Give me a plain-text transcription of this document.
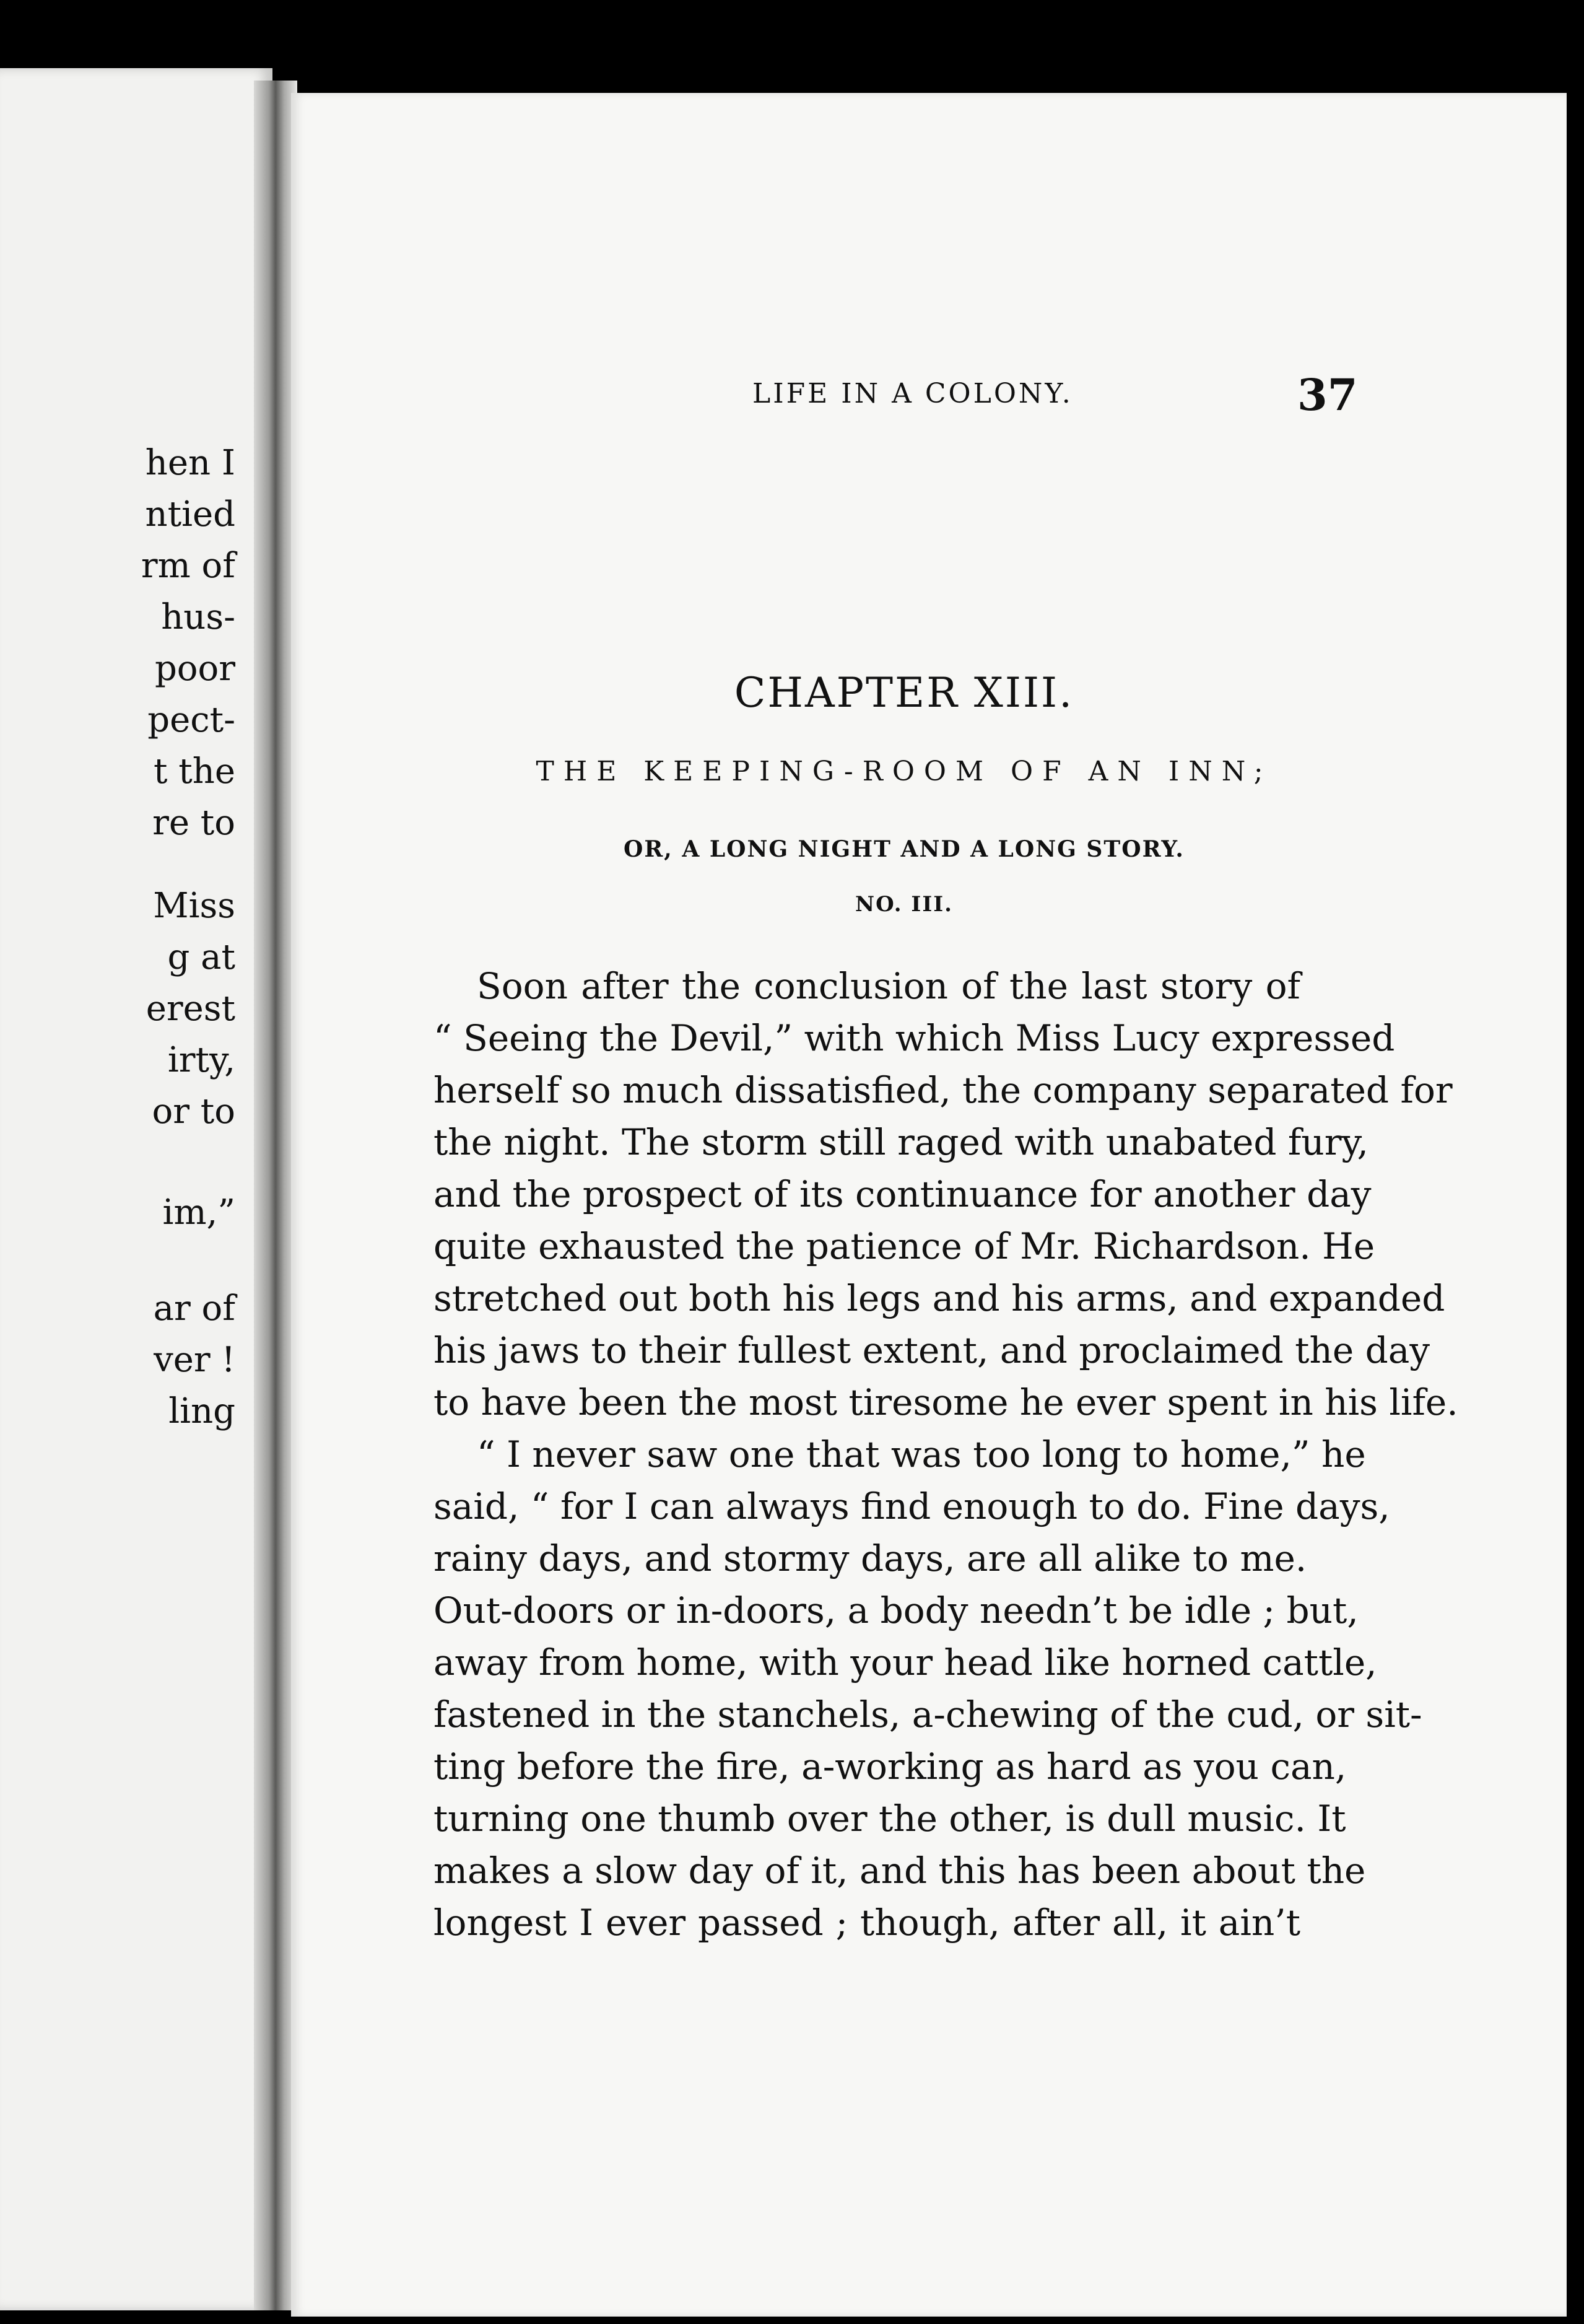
hen I
ntied
rm of
hus-
poor
pect-
t the
re to
Miss
g at
erest
irty,
or to
im,”
ar of
ver !
ling
LIFE IN A COLONY.	37
CHAPTER XIII.
THE KEEPING-ROOM OF AN INN;
OR, A LONG NIGHT AND A LONG STORY.
NO. III.
Soon after the conclusion of the last story of
“ Seeing the Devil,” with which Miss Lucy expressed
herself so much dissatisfied, the company separated for
the night. The storm still raged with unabated fury,
and the prospect of its continuance for another day
quite exhausted the patience of Mr. Richardson. He
stretched out both his legs and his arms, and expanded
his jaws to their fullest extent, and proclaimed the day
to have been the most tiresome he ever spent in his life.
“ I never saw one that was too long to home,” he
said, “ for I can always find enough to do. Fine days,
rainy days, and stormy days, are all alike to me.
Out-doors or in-doors, a body needn’t be idle ; but,
away from home, with your head like horned cattle,
fastened in the stanchels, a-chewing of the cud, or sit-
ting before the fire, a-working as hard as you can,
turning one thumb over the other, is dull music. It
makes a slow day of it, and this has been about the
longest I ever passed ; though, after all, it ain’t
